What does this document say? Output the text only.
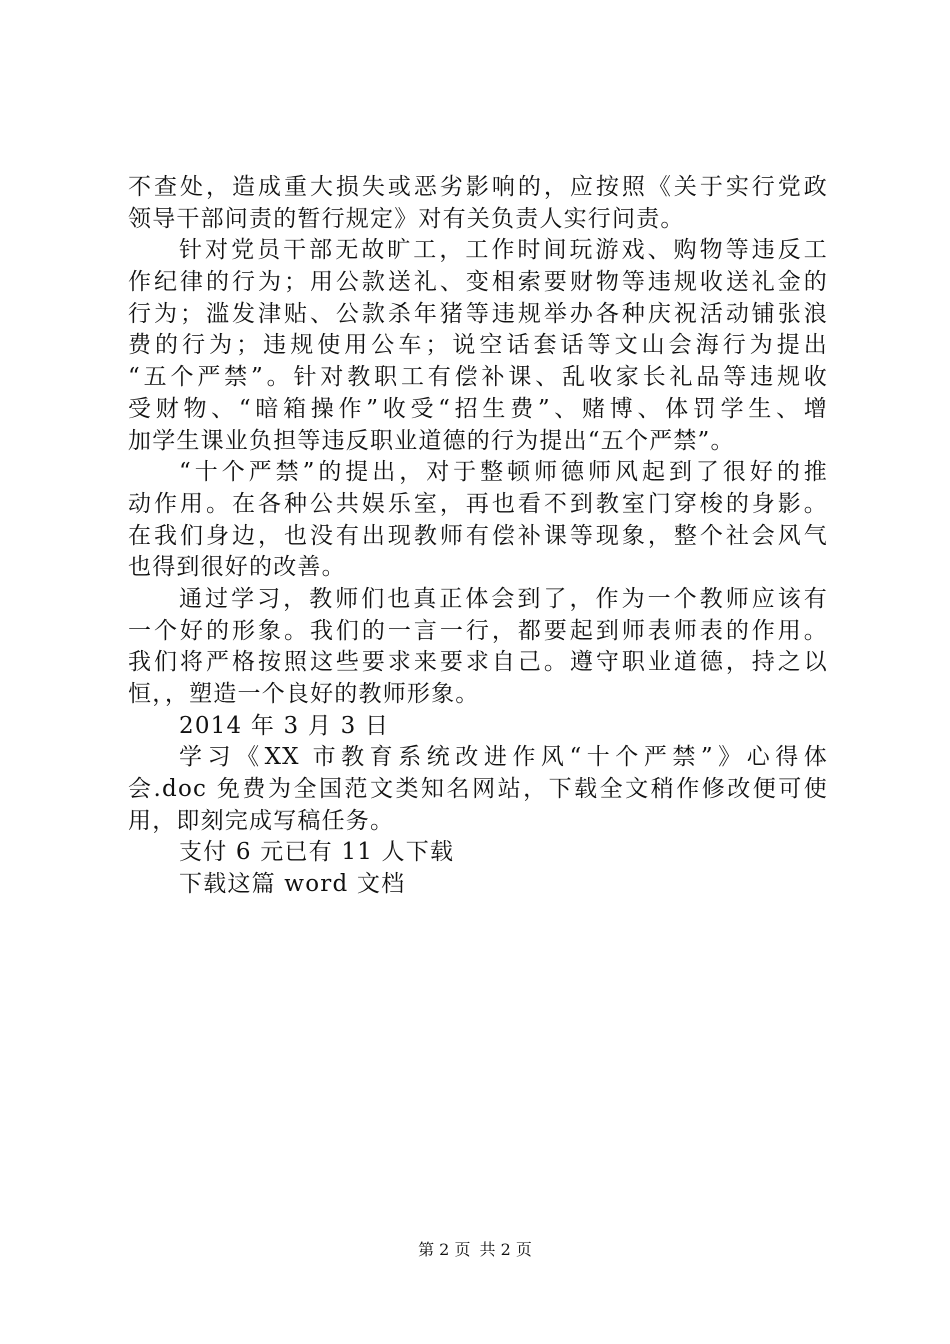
不查处，造成重大损失或恶劣影响的，应按照《关于实行党政
领导干部问责的暂行规定》对有关负责人实行问责。
针对党员干部无故旷工，工作时间玩游戏、购物等违反工
作纪律的行为；用公款送礼、变相索要财物等违规收送礼金的
行为；滥发津贴、公款杀年猪等违规举办各种庆祝活动铺张浪
费的行为；违规使用公车；说空话套话等文山会海行为提出
“五个严禁”。针对教职工有偿补课、乱收家长礼品等违规收
受财物、“暗箱操作”收受“招生费”、赌博、体罚学生、增
加学生课业负担等违反职业道德的行为提出“五个严禁”。
“十个严禁”的提出，对于整顿师德师风起到了很好的推
动作用。在各种公共娱乐室，再也看不到教室门穿梭的身影。
在我们身边，也没有出现教师有偿补课等现象，整个社会风气
也得到很好的改善。
通过学习，教师们也真正体会到了，作为一个教师应该有
一个好的形象。我们的一言一行，都要起到师表师表的作用。
我们将严格按照这些要求来要求自己。遵守职业道德，持之以
恒，，塑造一个良好的教师形象。
2014 年 3 月 3 日
学习《XX 市教育系统改进作风“十个严禁”》心得体
会.doc 免费为全国范文类知名网站，下载全文稍作修改便可使
用，即刻完成写稿任务。
支付 6 元已有 11 人下载
下载这篇 word 文档
第 2 页 共 2 页
